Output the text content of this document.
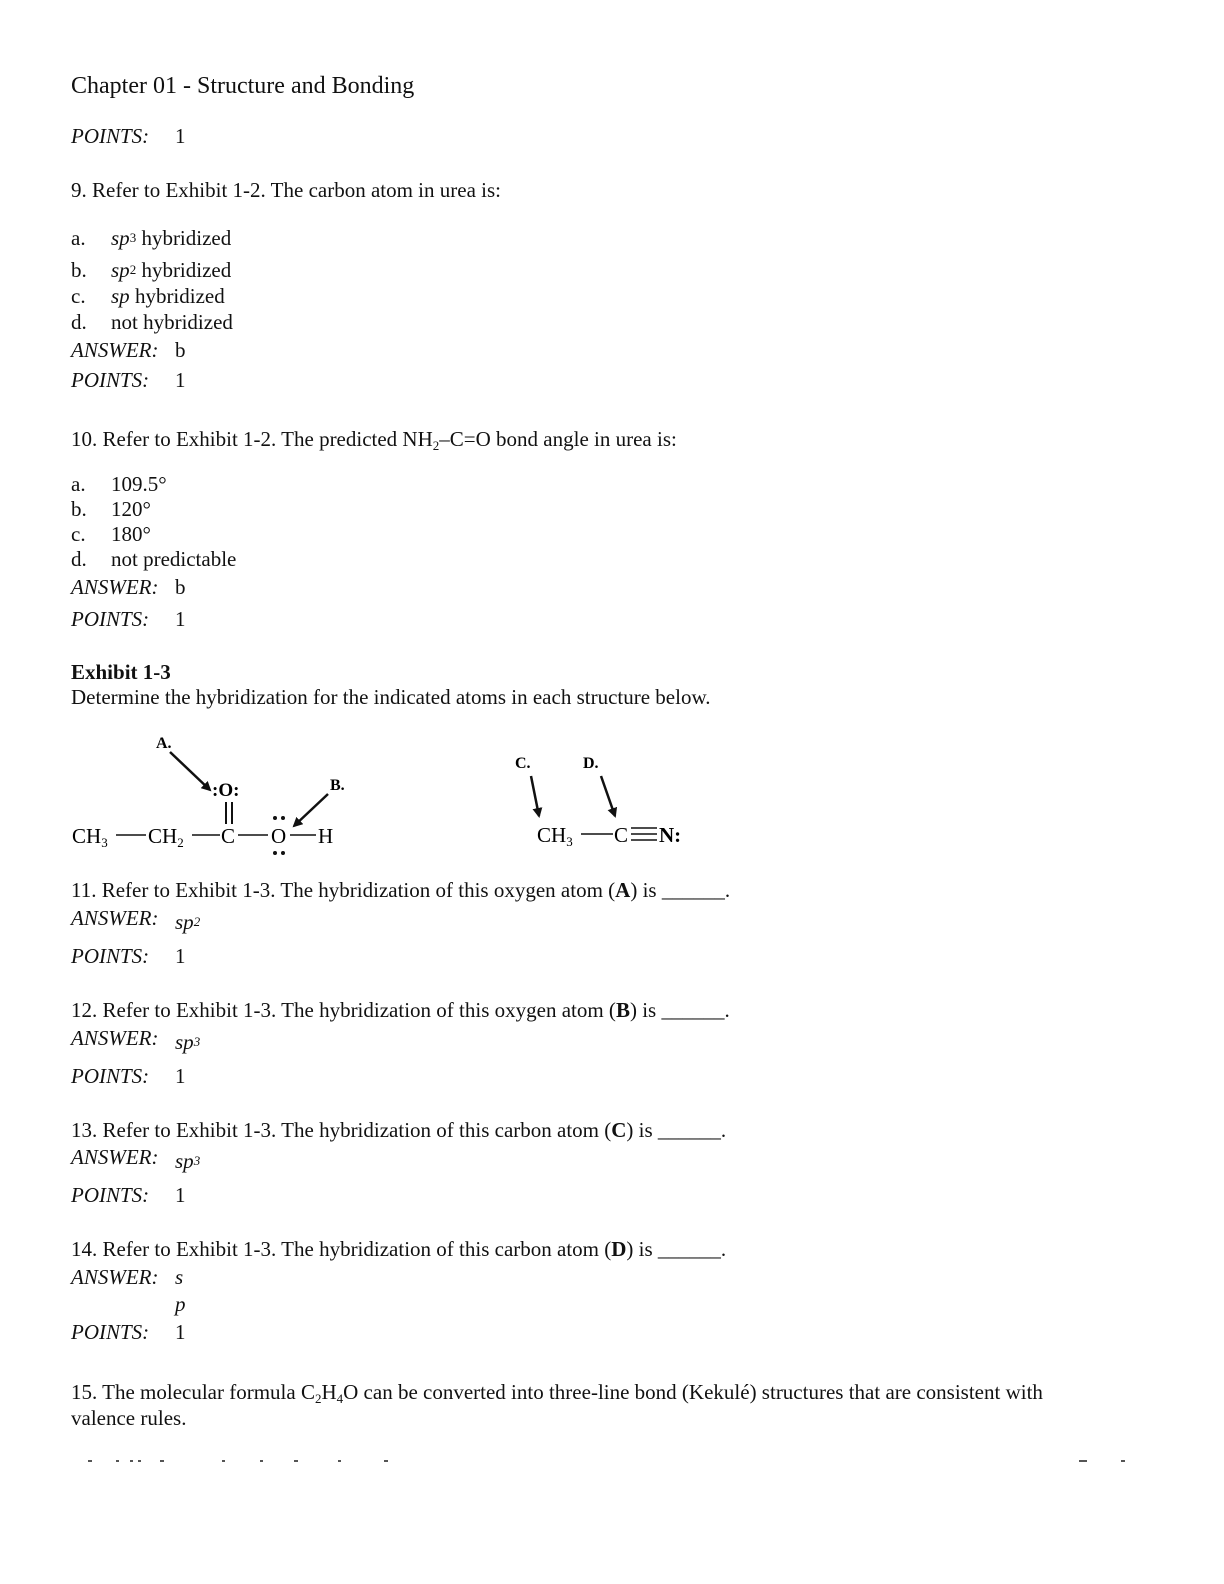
Chapter 01 - Structure and Bonding
POINTS: 1
9. Refer to Exhibit 1-2. The carbon atom in urea is:
a. $sp^3$ hybridized
b. $sp^2$ hybridized
c. sp hybridized
d. not hybridized
ANSWER: b
POINTS: 1
10. Refer to Exhibit 1-2. The predicted $NH_2-C=O$ bond angle in urea is:
a. 109.5°
b. 120°
c. 180°
d. not predictable
ANSWER: b
POINTS: 1
Exhibit 1-3
Determine the hybridization for the indicated atoms in each structure below.
A.
:O:	B.
CH3 CH2 C O H
C.	D.
CH3 C N:
11. Refer to Exhibit 1-3. The hybridization of this oxygen atom (A) is ______.
ANSWER: $sp^2$
POINTS: 1
12. Refer to Exhibit 1-3. The hybridization of this oxygen atom (B) is ______.
ANSWER: $sp^3$
POINTS: 1
13. Refer to Exhibit 1-3. The hybridization of this carbon atom (C) is ______.
ANSWER: $sp^3$
POINTS: 1
14. Refer to Exhibit 1-3. The hybridization of this carbon atom (D) is ______.
ANSWER: s
p
POINTS: 1
15. The molecular formula $C_2H_4O$ can be converted into three-line bond (Kekulé) structures that are consistent with
valence rules.
